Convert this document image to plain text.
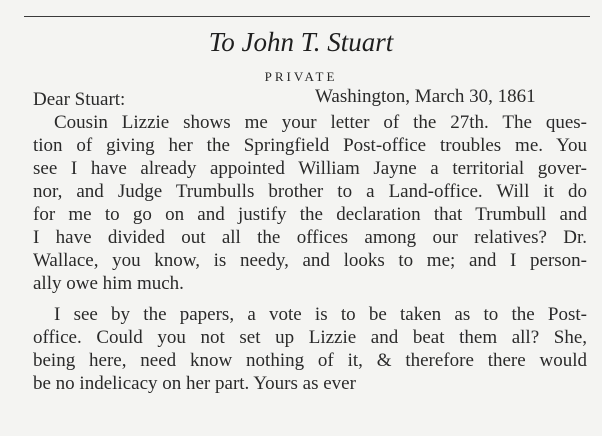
To John T. Stuart
PRIVATE
Dear Stuart:	Washington, March 30, 1861
Cousin Lizzie shows me your letter of the 27th. The ques-
tion of giving her the Springfield Post-office troubles me. You
see I have already appointed William Jayne a territorial gover-
nor, and Judge Trumbulls brother to a Land-office. Will it do
for me to go on and justify the declaration that Trumbull and
I have divided out all the offices among our relatives? Dr.
Wallace, you know, is needy, and looks to me; and I person-
ally owe him much.
I see by the papers, a vote is to be taken as to the Post-
office. Could you not set up Lizzie and beat them all? She,
being here, need know nothing of it, & therefore there would
be no indelicacy on her part. Yours as ever
